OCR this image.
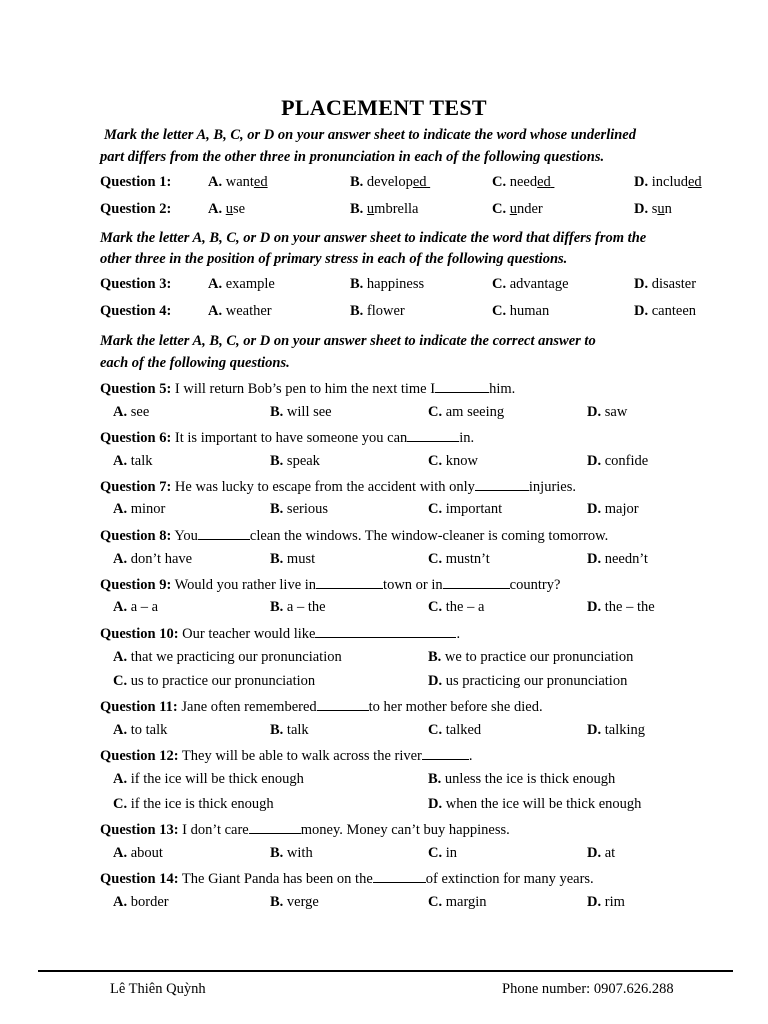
PLACEMENT TEST
Mark the letter A, B, C, or D on your answer sheet to indicate the word whose underlined
part differs from the other three in pronunciation in each of the following questions.
Question 1:	A. wanted	B. developed	C. needed	D. included
Question 2:	A. use	B. umbrella	C. under	D. sun
Mark the letter A, B, C, or D on your answer sheet to indicate the word that differs from the
other three in the position of primary stress in each of the following questions.
Question 3:	A. example	B. happiness	C. advantage	D. disaster
Question 4:	A. weather	B. flower	C. human	D. canteen
Mark the letter A, B, C, or D on your answer sheet to indicate the correct answer to
each of the following questions.
Question 5: I will return Bob’s pen to him the next time I	him.
A. see	B. will see	C. am seeing	D. saw
Question 6: It is important to have someone you can	in.
A. talk	B. speak	C. know	D. confide
Question 7: He was lucky to escape from the accident with only	injuries.
A. minor	B. serious	C. important	D. major
Question 8: You	clean the windows. The window-cleaner is coming tomorrow.
A. don’t have	B. must	C. mustn’t	D. needn’t
Question 9: Would you rather live in	town or in	country?
A. a – a	B. a – the	C. the – a	D. the – the
Question 10: Our teacher would like	.
A. that we practicing our pronunciation	B. we to practice our pronunciation
C. us to practice our pronunciation	D. us practicing our pronunciation
Question 11: Jane often remembered	to her mother before she died.
A. to talk	B. talk	C. talked	D. talking
Question 12: They will be able to walk across the river	.
A. if the ice will be thick enough	B. unless the ice is thick enough
C. if the ice is thick enough	D. when the ice will be thick enough
Question 13: I don’t care	money. Money can’t buy happiness.
A. about	B. with	C. in	D. at
Question 14: The Giant Panda has been on the	of extinction for many years.
A. border	B. verge	C. margin	D. rim
Lê Thiên Quỳnh	Phone number: 0907.626.288
